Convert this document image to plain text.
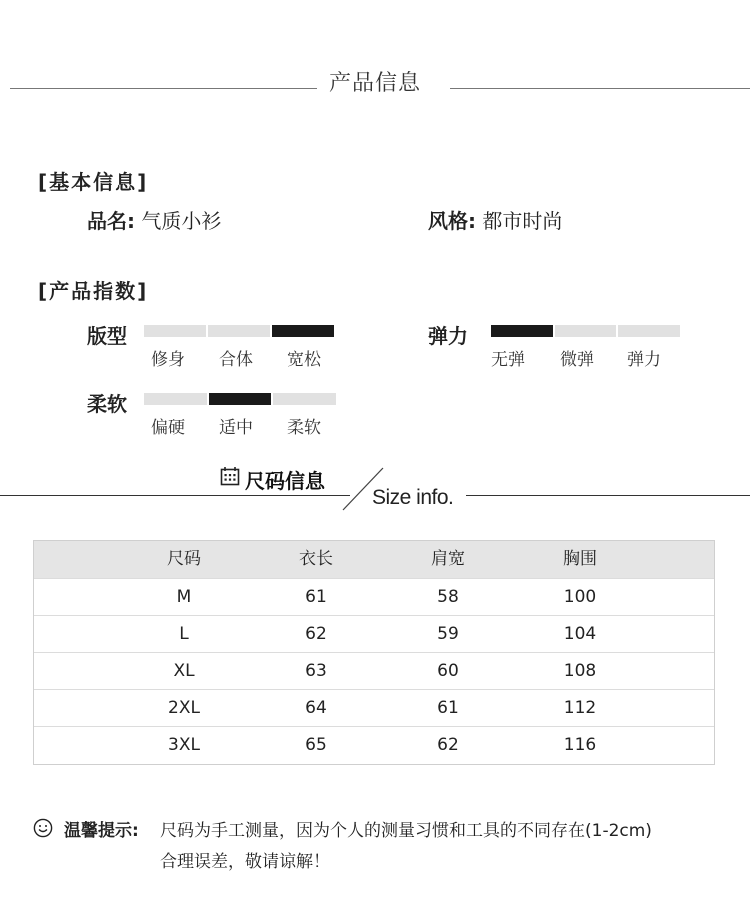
产品信息
[基本信息]
品名: 气质小衫	风格: 都市时尚
[产品指数]
版型
修身	合体	宽松
弹力
无弹	微弹	弹力
柔软
偏硬	适中	柔软
尺码信息
Size info.
尺码	衣长	肩宽	胸围
M	61	58	100
L	62	59	104
XL	63	60	108
2XL	64	61	112
3XL	65	62	116
温馨提示: 尺码为手工测量，因为个人的测量习惯和工具的不同存在(1-2cm)
合理误差，敬请谅解！
